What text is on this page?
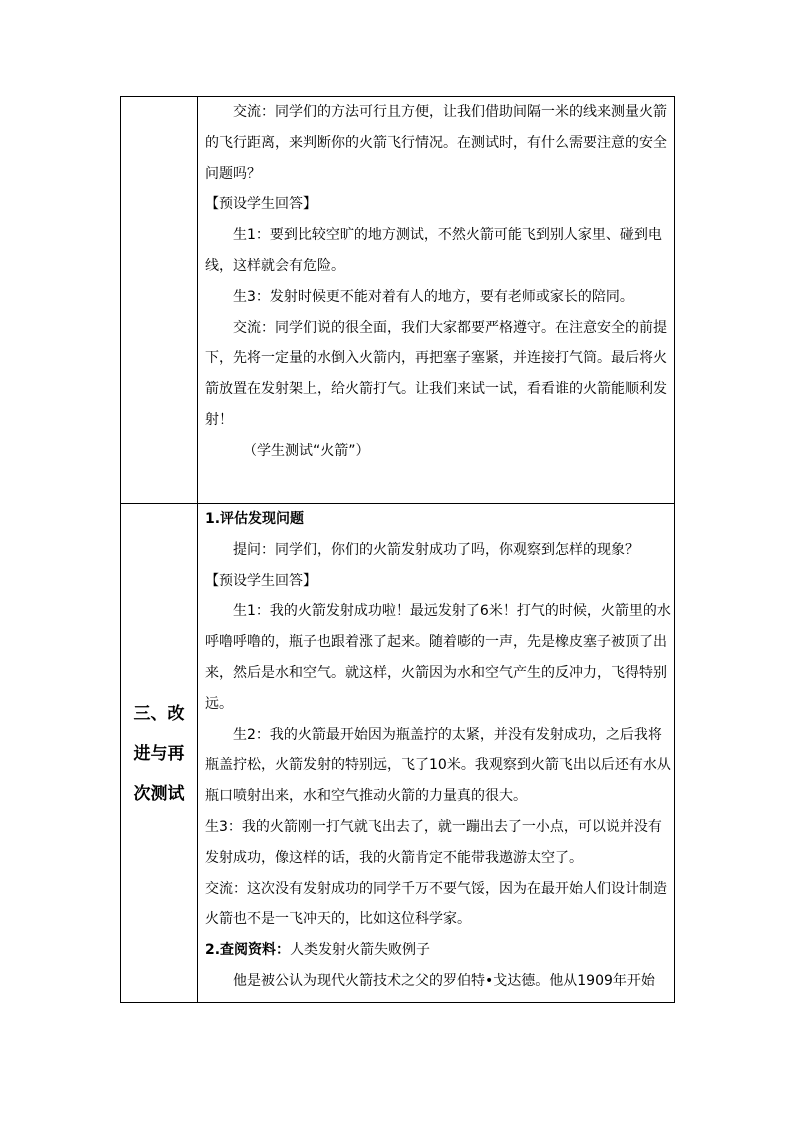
交流：同学们的方法可行且方便，让我们借助间隔一米的线来测量火箭的飞行距离，来判断你的火箭飞行情况。在测试时，有什么需要注意的安全问题吗？

【预设学生回答】

生1：要到比较空旷的地方测试，不然火箭可能飞到别人家里、碰到电线，这样就会有危险。

生3：发射时候更不能对着有人的地方，要有老师或家长的陪同。

交流：同学们说的很全面，我们大家都要严格遵守。在注意安全的前提下，先将一定量的水倒入火箭内，再把塞子塞紧，并连接打气筒。最后将火箭放置在发射架上，给火箭打气。让我们来试一试，看看谁的火箭能顺利发射！

（学生测试“火箭”）

三、改进与再次测试

1.评估发现问题

提问：同学们，你们的火箭发射成功了吗，你观察到怎样的现象？

【预设学生回答】

生1：我的火箭发射成功啦！最远发射了6米！打气的时候，火箭里的水呼噜呼噜的，瓶子也跟着涨了起来。随着嘭的一声，先是橡皮塞子被顶了出来，然后是水和空气。就这样，火箭因为水和空气产生的反冲力，飞得特别远。

生2：我的火箭最开始因为瓶盖拧的太紧，并没有发射成功，之后我将瓶盖拧松，火箭发射的特别远，飞了10米。我观察到火箭飞出以后还有水从瓶口喷射出来，水和空气推动火箭的力量真的很大。

生3：我的火箭刚一打气就飞出去了，就一蹦出去了一小点，可以说并没有发射成功，像这样的话，我的火箭肯定不能带我遨游太空了。

交流：这次没有发射成功的同学千万不要气馁，因为在最开始人们设计制造火箭也不是一飞冲天的，比如这位科学家。

2.查阅资料：人类发射火箭失败例子

他是被公认为现代火箭技术之父的罗伯特•戈达德。他从1909年开始
